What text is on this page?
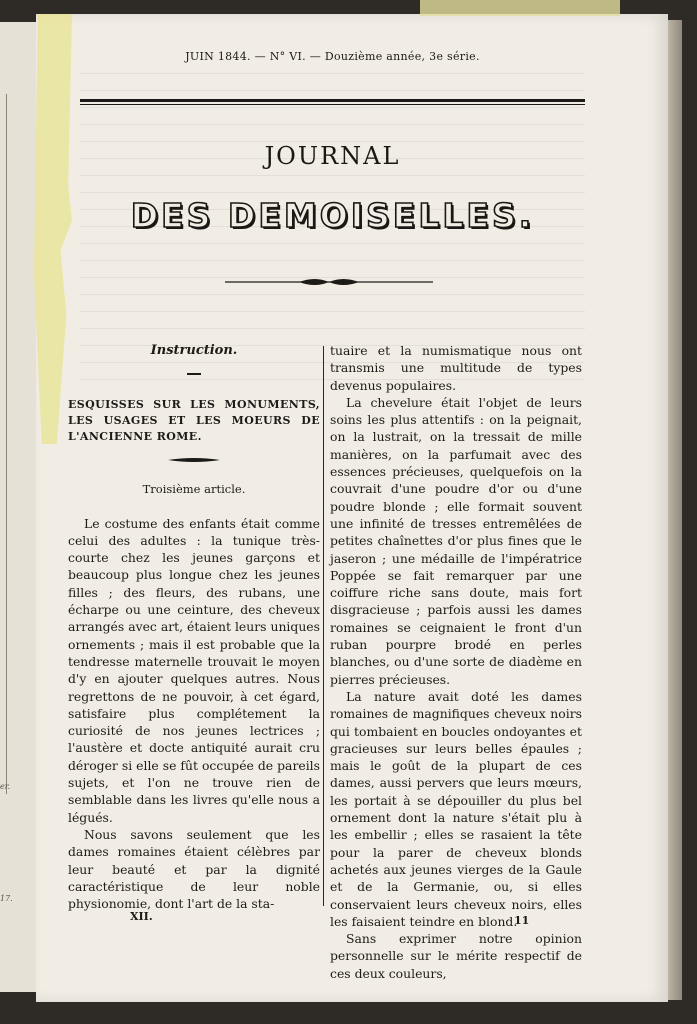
er.
17.
JUIN 1844. — N° VI. — Douzième année, 3e série.
JOURNAL
DES DEMOISELLES.
Instruction.
ESQUISSES SUR LES MONUMENTS, LES USAGES ET LES MOEURS DE L'ANCIENNE ROME.
Troisième article.

Le costume des enfants était comme celui des adultes : la tunique très-courte chez les jeunes garçons et beaucoup plus longue chez les jeunes filles ; des fleurs, des rubans, une écharpe ou une ceinture, des cheveux arrangés avec art, étaient leurs uniques ornements ; mais il est probable que la tendresse maternelle trouvait le moyen d'y en ajouter quelques autres. Nous regrettons de ne pouvoir, à cet égard, satisfaire plus complétement la curiosité de nos jeunes lectrices ; l'austère et docte antiquité aurait cru déroger si elle se fût occupée de pareils sujets, et l'on ne trouve rien de semblable dans les livres qu'elle nous a légués.

Nous savons seulement que les dames romaines étaient célèbres par leur beauté et par la dignité caractéristique de leur noble physionomie, dont l'art de la sta-

tuaire et la numismatique nous ont transmis une multitude de types devenus populaires.

La chevelure était l'objet de leurs soins les plus attentifs : on la peignait, on la lustrait, on la tressait de mille manières, on la parfumait avec des essences précieuses, quelquefois on la couvrait d'une poudre d'or ou d'une poudre blonde ; elle formait souvent une infinité de tresses entremêlées de petites chaînettes d'or plus fines que le jaseron ; une médaille de l'impératrice Poppée se fait remarquer par une coiffure riche sans doute, mais fort disgracieuse ; parfois aussi les dames romaines se ceignaient le front d'un ruban pourpre brodé en perles blanches, ou d'une sorte de diadème en pierres précieuses.

La nature avait doté les dames romaines de magnifiques cheveux noirs qui tombaient en boucles ondoyantes et gracieuses sur leurs belles épaules ; mais le goût de la plupart de ces dames, aussi pervers que leurs mœurs, les portait à se dépouiller du plus bel ornement dont la nature s'était plu à les embellir ; elles se rasaient la tête pour la parer de cheveux blonds achetés aux jeunes vierges de la Gaule et de la Germanie, ou, si elles conservaient leurs cheveux noirs, elles les faisaient teindre en blond.

Sans exprimer notre opinion personnelle sur le mérite respectif de ces deux couleurs,

XII.	11
